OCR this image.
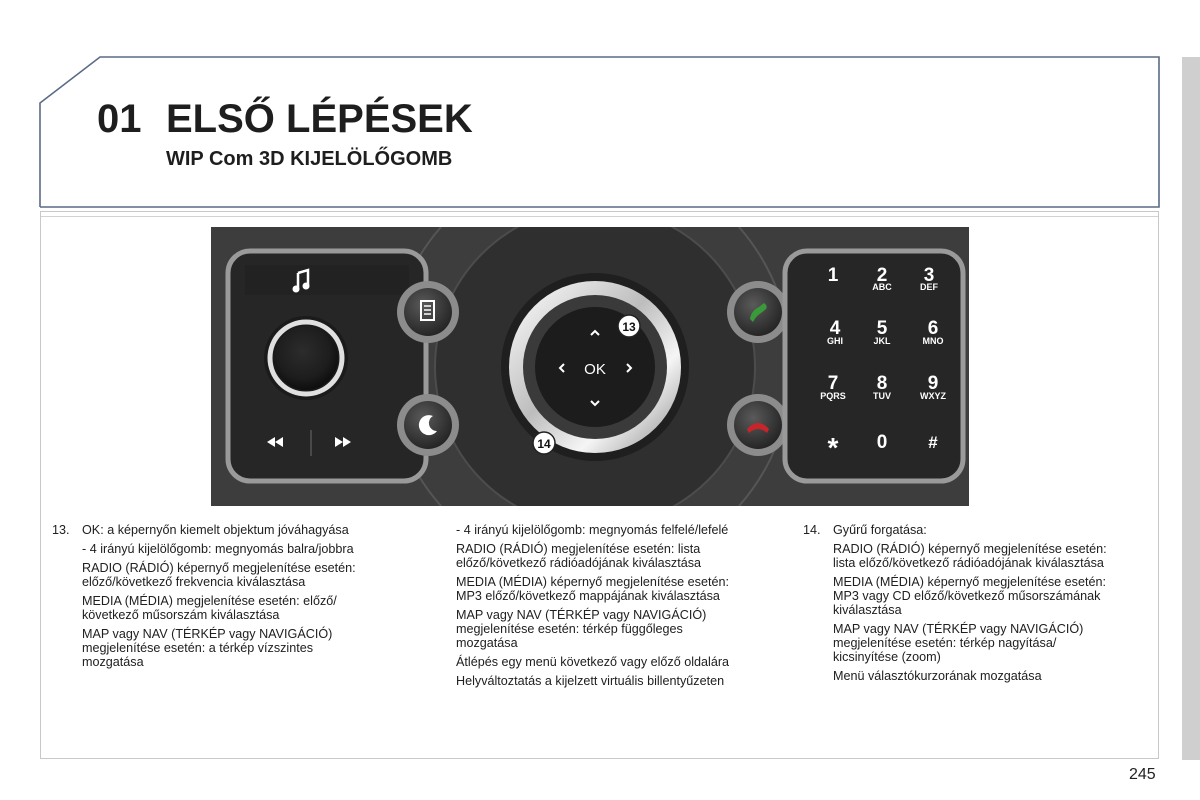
01 ELSŐ LÉPÉSEK
WIP Com 3D KIJELÖLŐGOMB
OK
13
14
1 2
ABC
3
DEF
4
GHI
5
JKL
6
MNO
7
PQRS
8
TUV
9
WXYZ
* 0 #
13. OK: a képernyőn kiemelt objektum jóváhagyása

- 4 irányú kijelölőgomb: megnyomás balra/jobbra

RADIO (RÁDIÓ) képernyő megjelenítése esetén:
előző/következő frekvencia kiválasztása

MEDIA (MÉDIA) megjelenítése esetén: előző/
következő műsorszám kiválasztása

MAP vagy NAV (TÉRKÉP vagy NAVIGÁCIÓ)
megjelenítése esetén: a térkép vízszintes
mozgatása

- 4 irányú kijelölőgomb: megnyomás felfelé/lefelé

RADIO (RÁDIÓ) megjelenítése esetén: lista
előző/következő rádióadójának kiválasztása

MEDIA (MÉDIA) képernyő megjelenítése esetén:
MP3 előző/következő mappájának kiválasztása

MAP vagy NAV (TÉRKÉP vagy NAVIGÁCIÓ)
megjelenítése esetén: térkép függőleges
mozgatása

Átlépés egy menü következő vagy előző oldalára

Helyváltoztatás a kijelzett virtuális billentyűzeten

14. Gyűrű forgatása:

RADIO (RÁDIÓ) képernyő megjelenítése esetén:
lista előző/következő rádióadójának kiválasztása

MEDIA (MÉDIA) képernyő megjelenítése esetén:
MP3 vagy CD előző/következő műsorszámának
kiválasztása

MAP vagy NAV (TÉRKÉP vagy NAVIGÁCIÓ)
megjelenítése esetén: térkép nagyítása/
kicsinyítése (zoom)

Menü választókurzorának mozgatása

245
